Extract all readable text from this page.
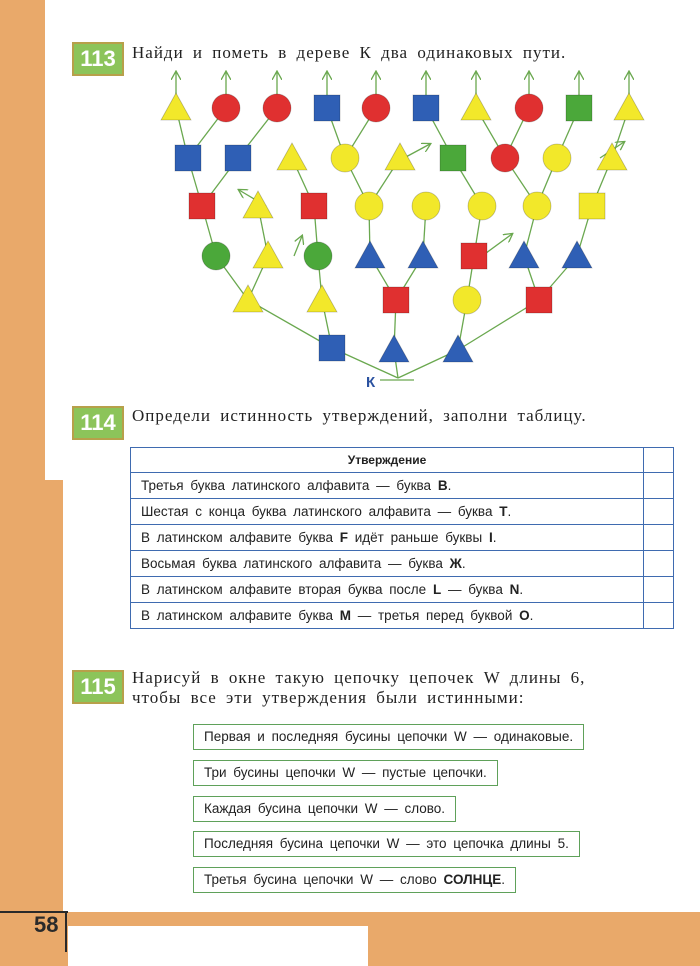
58
113 Найди и пометь в дереве К два одинаковых пути.
К
114 Определи истинность утверждений, заполни таблицу.
Утверждение	
Третья буква латинского алфавита — буква B.	
Шестая с конца буква латинского алфавита — буква T.	
В латинском алфавите буква F идёт раньше буквы I.	
Восьмая буква латинского алфавита — буква Ж.	
В латинском алфавите вторая буква после L — буква N.	
В латинском алфавите буква M — третья перед буквой O.	
115 Нарисуй в окне такую цепочку цепочек W длины 6,
чтобы все эти утверждения были истинными:
Первая и последняя бусины цепочки W — одинаковые.
Три бусины цепочки W — пустые цепочки.
Каждая бусина цепочки W — слово.
Последняя бусина цепочки W — это цепочка длины 5.
Третья бусина цепочки W — слово СОЛНЦЕ.
